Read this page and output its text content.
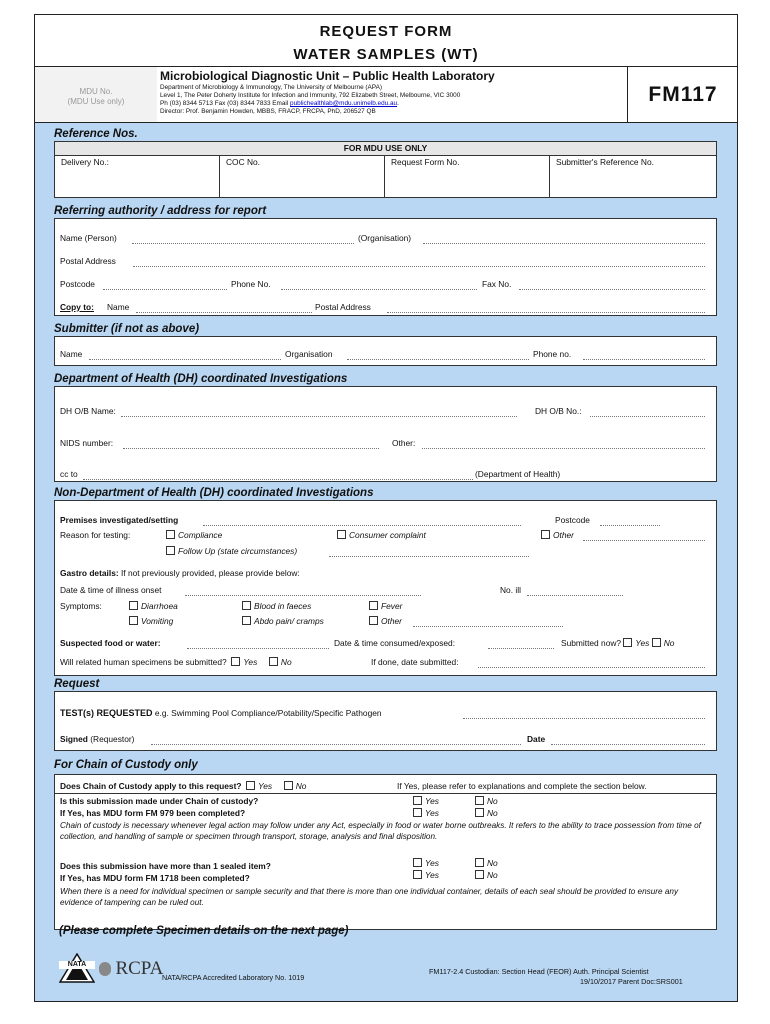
REQUEST FORM
WATER SAMPLES (WT)
MDU No.
(MDU Use only)
Microbiological Diagnostic Unit – Public Health Laboratory
Department of Microbiology & Immunology, The University of Melbourne (APA)
Level 1, The Peter Doherty Institute for Infection and Immunity, 792 Elizabeth Street, Melbourne, VIC 3000
Ph (03) 8344 5713 Fax (03) 8344 7833 Email publichealthlab@mdu.unimelb.edu.au.
Director: Prof. Benjamin Howden, MBBS, FRACP, FRCPA, PhD, 206527 QB
FM117
Reference Nos.
FOR MDU USE ONLY
Delivery No.:	COC No.	Request Form No.	Submitter's Reference No.
Referring authority / address for report
Name (Person)	(Organisation)
Postal Address
Postcode	Phone No.	Fax No.
Copy to: Name	Postal Address
Submitter (if not as above)
Name	Organisation	Phone no.
Department of Health (DH) coordinated Investigations
DH O/B Name:	DH O/B No.:
NIDS number:	Other:
cc to	(Department of Health)
Non-Department of Health (DH) coordinated Investigations
Premises investigated/setting	Postcode
Reason for testing:	Compliance	Consumer complaint	Other
Follow Up (state circumstances)
Gastro details: If not previously provided, please provide below:
Date & time of illness onset	No. ill
Symptoms:	Diarrhoea	Blood in faeces	Fever
Vomiting	Abdo pain/ cramps	Other
Suspected food or water:	Date & time consumed/exposed:	Submitted now? Yes No
Will related human specimens be submitted? Yes	No	If done, date submitted:
Request
TEST(s) REQUESTED e.g. Swimming Pool Compliance/Potability/Specific Pathogen
Signed (Requestor)	Date
For Chain of Custody only
Does Chain of Custody apply to this request? Yes	No	If Yes, please refer to explanations and complete the section below.
Is this submission made under Chain of custody?	Yes	No
If Yes, has MDU form FM 979 been completed?	Yes	No
Chain of custody is necessary whenever legal action may follow under any Act, especially in food or water borne outbreaks. It refers to the ability to trace possession from time of collection, and handling of sample or specimen through transport, storage, analysis and final disposition.
Does this submission have more than 1 sealed item?	Yes	No
If Yes, has MDU form FM 1718 been completed?	Yes	No
When there is a need for individual specimen or sample security and that there is more than one individual container, details of each seal should be provided to ensure any evidence of tampering can be ruled out.
(Please complete Specimen details on the next page)
NATA	RCPA
NATA/RCPA Accredited Laboratory No. 1019
FM117-2.4 Custodian: Section Head (FEOR) Auth. Principal Scientist
19/10/2017 Parent Doc:SRS001
